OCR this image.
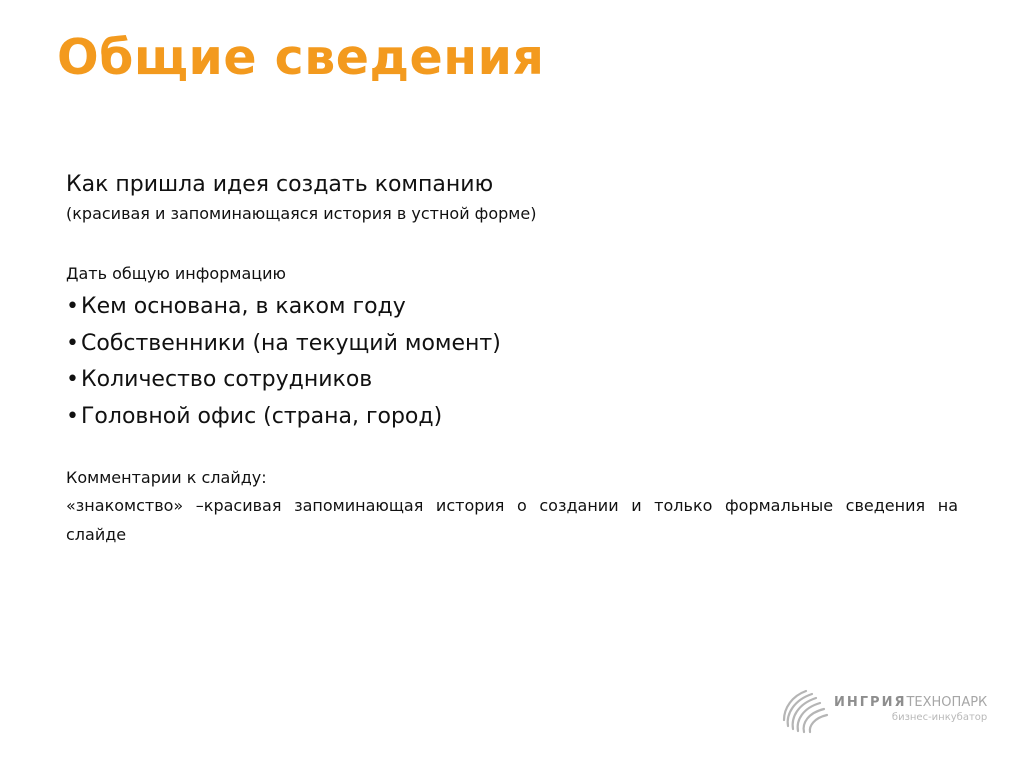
Общие сведения

Как пришла идея создать компанию

(красивая и запоминающаяся история в устной форме)

Дать общую информацию

• Кем основана, в каком году
• Собственники (на текущий момент)
• Количество сотрудников
• Головной офис (страна, город)

Комментарии к слайду:

«знакомство» –красивая запоминающая история о создании и только формальные сведения на слайде

ИНГРИЯТЕХНОПАРК
бизнес-инкубатор
